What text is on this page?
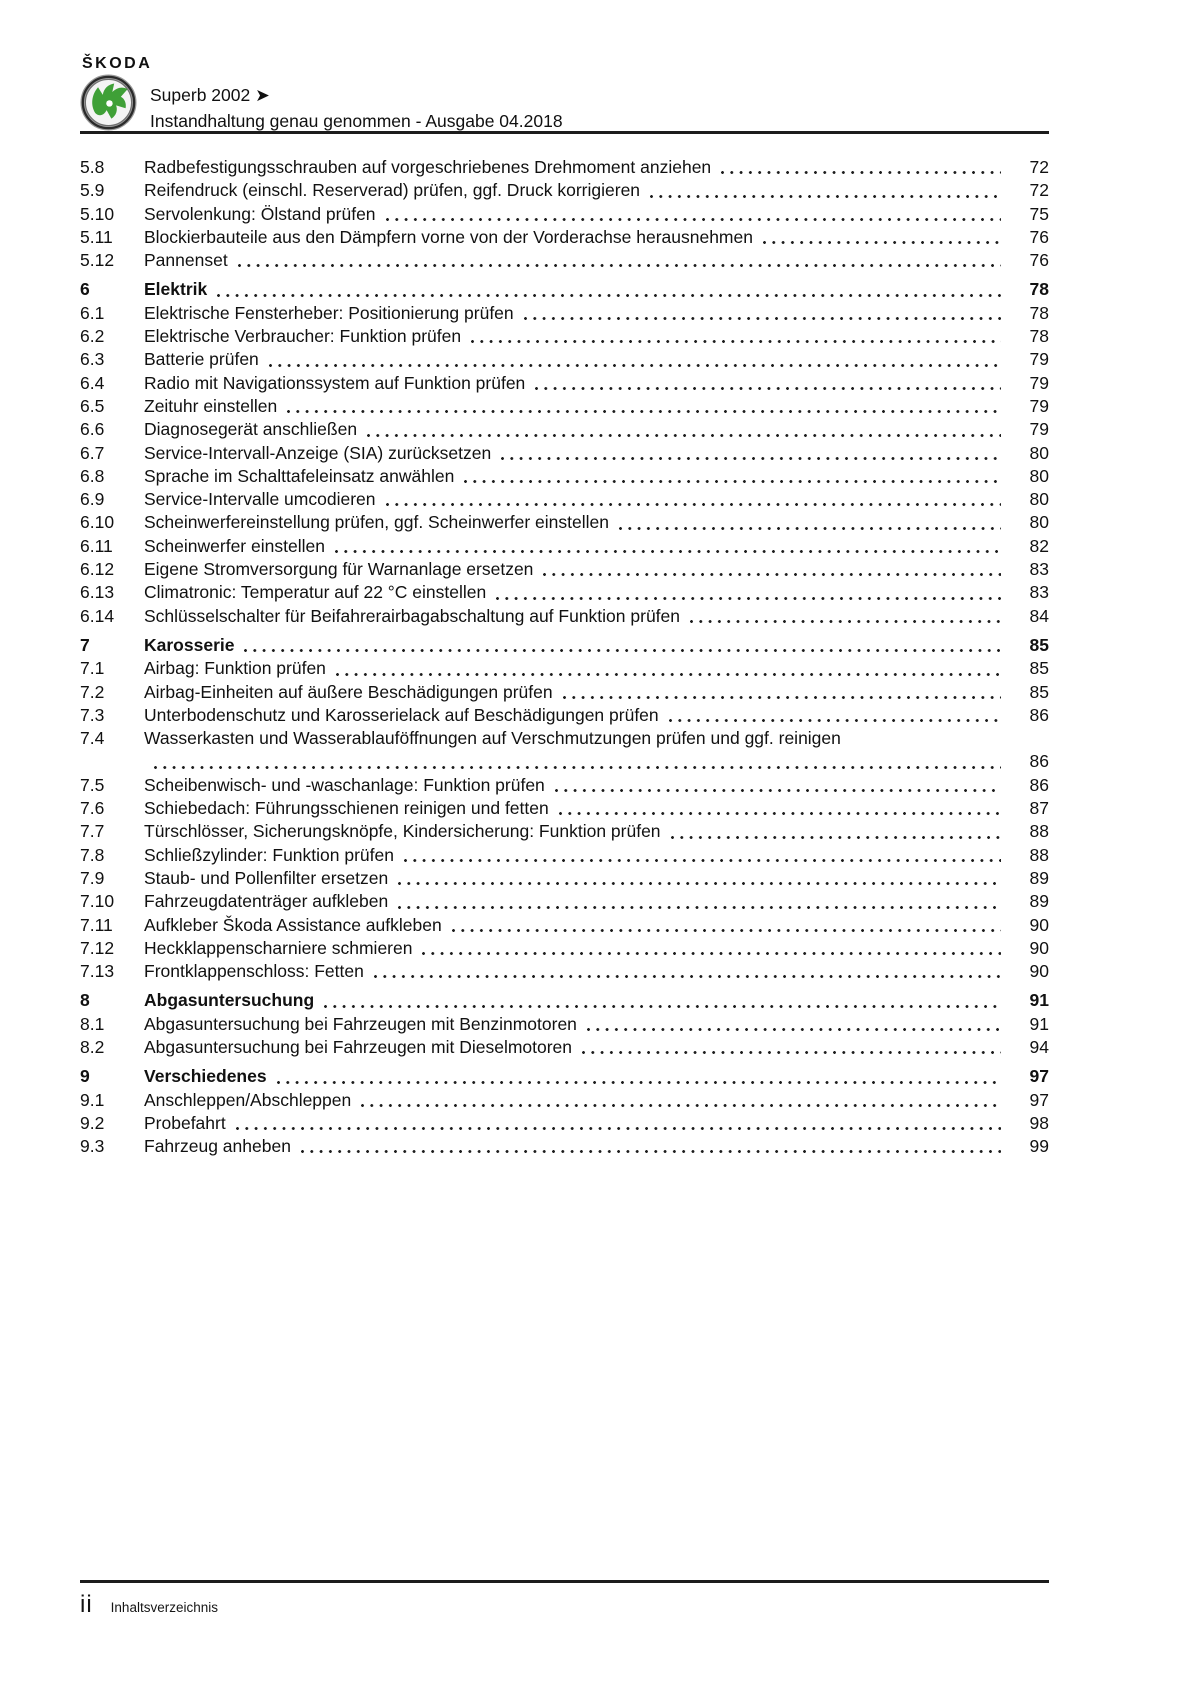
ŠKODA
Superb 2002 ➤
Instandhaltung genau genommen - Ausgabe 04.2018
5.8	Radbefestigungsschrauben auf vorgeschriebenes Drehmoment anziehen	72
5.9	Reifendruck (einschl. Reserverad) prüfen, ggf. Druck korrigieren	72
5.10	Servolenkung: Ölstand prüfen	75
5.11	Blockierbauteile aus den Dämpfern vorne von der Vorderachse herausnehmen	76
5.12	Pannenset	76
6	Elektrik	78
6.1	Elektrische Fensterheber: Positionierung prüfen	78
6.2	Elektrische Verbraucher: Funktion prüfen	78
6.3	Batterie prüfen	79
6.4	Radio mit Navigationssystem auf Funktion prüfen	79
6.5	Zeituhr einstellen	79
6.6	Diagnosegerät anschließen	79
6.7	Service-Intervall-Anzeige (SIA) zurücksetzen	80
6.8	Sprache im Schalttafeleinsatz anwählen	80
6.9	Service-Intervalle umcodieren	80
6.10	Scheinwerfereinstellung prüfen, ggf. Scheinwerfer einstellen	80
6.11	Scheinwerfer einstellen	82
6.12	Eigene Stromversorgung für Warnanlage ersetzen	83
6.13	Climatronic: Temperatur auf 22 °C einstellen	83
6.14	Schlüsselschalter für Beifahrerairbagabschaltung auf Funktion prüfen	84
7	Karosserie	85
7.1	Airbag: Funktion prüfen	85
7.2	Airbag-Einheiten auf äußere Beschädigungen prüfen	85
7.3	Unterbodenschutz und Karosserielack auf Beschädigungen prüfen	86
7.4	Wasserkasten und Wasserablauföffnungen auf Verschmutzungen prüfen und ggf. reinigen
86
7.5	Scheibenwisch- und -waschanlage: Funktion prüfen	86
7.6	Schiebedach: Führungsschienen reinigen und fetten	87
7.7	Türschlösser, Sicherungsknöpfe, Kindersicherung: Funktion prüfen	88
7.8	Schließzylinder: Funktion prüfen	88
7.9	Staub- und Pollenfilter ersetzen	89
7.10	Fahrzeugdatenträger aufkleben	89
7.11	Aufkleber Škoda Assistance aufkleben	90
7.12	Heckklappenscharniere schmieren	90
7.13	Frontklappenschloss: Fetten	90
8	Abgasuntersuchung	91
8.1	Abgasuntersuchung bei Fahrzeugen mit Benzinmotoren	91
8.2	Abgasuntersuchung bei Fahrzeugen mit Dieselmotoren	94
9	Verschiedenes	97
9.1	Anschleppen/Abschleppen	97
9.2	Probefahrt	98
9.3	Fahrzeug anheben	99
ii Inhaltsverzeichnis
